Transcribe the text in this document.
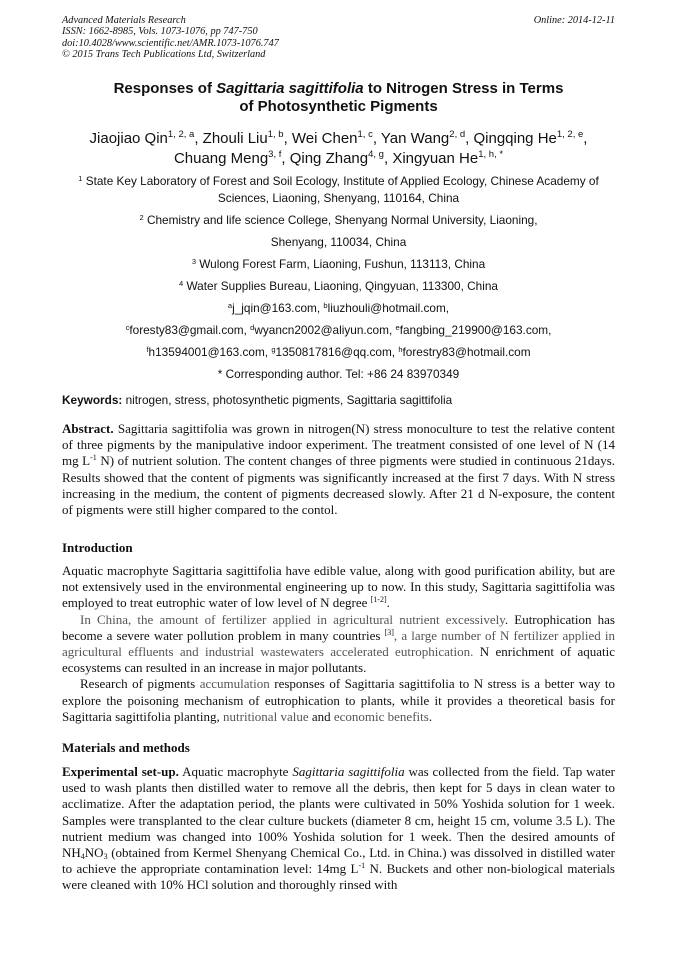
Advanced Materials Research
ISSN: 1662-8985, Vols. 1073-1076, pp 747-750
doi:10.4028/www.scientific.net/AMR.1073-1076.747
© 2015 Trans Tech Publications Ltd, Switzerland
Online: 2014-12-11
Responses of Sagittaria sagittifolia to Nitrogen Stress in Terms
of Photosynthetic Pigments
Jiaojiao Qin$^{1, 2, a}$, Zhouli Liu$^{1, b}$, Wei Chen$^{1, c}$, Yan Wang$^{2, d}$, Qingqing He$^{1, 2, e}$,
Chuang Meng$^{3, f}$, Qing Zhang$^{4, g}$, Xingyuan $He^{1, h, *}$
$^1$ State Key Laboratory of Forest and Soil Ecology, Institute of Applied Ecology, Chinese Academy of Sciences, Liaoning, Shenyang, 110164, China
$^2$ Chemistry and life science College, Shenyang Normal University, Liaoning,
Shenyang, 110034, China
$^3$ Wulong Forest Farm, Liaoning, Fushun, 113113, China
$^4$ Water Supplies Bureau, Liaoning, Qingyuan, 113300, China
$^a$j_jqin@163.com, $^b$liuzhouli@hotmail.com,
$^c$foresty83@gmail.com, $^d$wyancn2002@aliyun.com, $^e$fangbing_219900@163.com,
$^f$h13594001@163.com, $^g$1350817816@qq.com, $^h$forestry83@hotmail.com
* Corresponding author. Tel: +86 24 83970349
Keywords: nitrogen, stress, photosynthetic pigments, Sagittaria sagittifolia

Abstract. Sagittaria sagittifolia was grown in nitrogen(N) stress monoculture to test the relative content of three pigments by the manipulative indoor experiment. The treatment consisted of one level of N (14 mg $L^{-1}$ N) of nutrient solution. The content changes of three pigments were studied in continuous 21days. Results showed that the content of pigments was significantly increased at the first 7 days. With N stress increasing in the medium, the content of pigments decreased slowly. After 21 d N-exposure, the content of pigments were still higher compared to the contol.

Introduction

Aquatic macrophyte Sagittaria sagittifolia have edible value, along with good purification ability, but are not extensively used in the environmental engineering up to now. In this study, Sagittaria sagittifolia was employed to treat eutrophic water of low level of N degree [1-2].

In China, the amount of fertilizer applied in agricultural nutrient excessively. Eutrophication has become a severe water pollution problem in many countries [3], a large number of N fertilizer applied in agricultural effluents and industrial wastewaters accelerated eutrophication. N enrichment of aquatic ecosystems can resulted in an increase in major pollutants.

Research of pigments accumulation responses of Sagittaria sagittifolia to N stress is a better way to explore the poisoning mechanism of eutrophication to plants, while it provides a theoretical basis for Sagittaria sagittifolia planting, nutritional value and economic benefits.

Materials and methods

Experimental set-up. Aquatic macrophyte Sagittaria sagittifolia was collected from the field. Tap water used to wash plants then distilled water to remove all the debris, then kept for 5 days in clean water to acclimatize. After the adaptation period, the plants were cultivated in 50% Yoshida solution for 1 week. Samples were transplanted to the clear culture buckets (diameter 8 cm, height 15 cm, volume 3.5 L). The nutrient medium was changed into 100% Yoshida solution for 1 week. Then the desired amounts of $NH_4NO_3$ (obtained from Kermel Shenyang Chemical Co., Ltd. in China.) was dissolved in distilled water to achieve the appropriate contamination level: 14mg $L^{-1}$ N. Buckets and other non-biological materials were cleaned with 10% HCl solution and thoroughly rinsed with
